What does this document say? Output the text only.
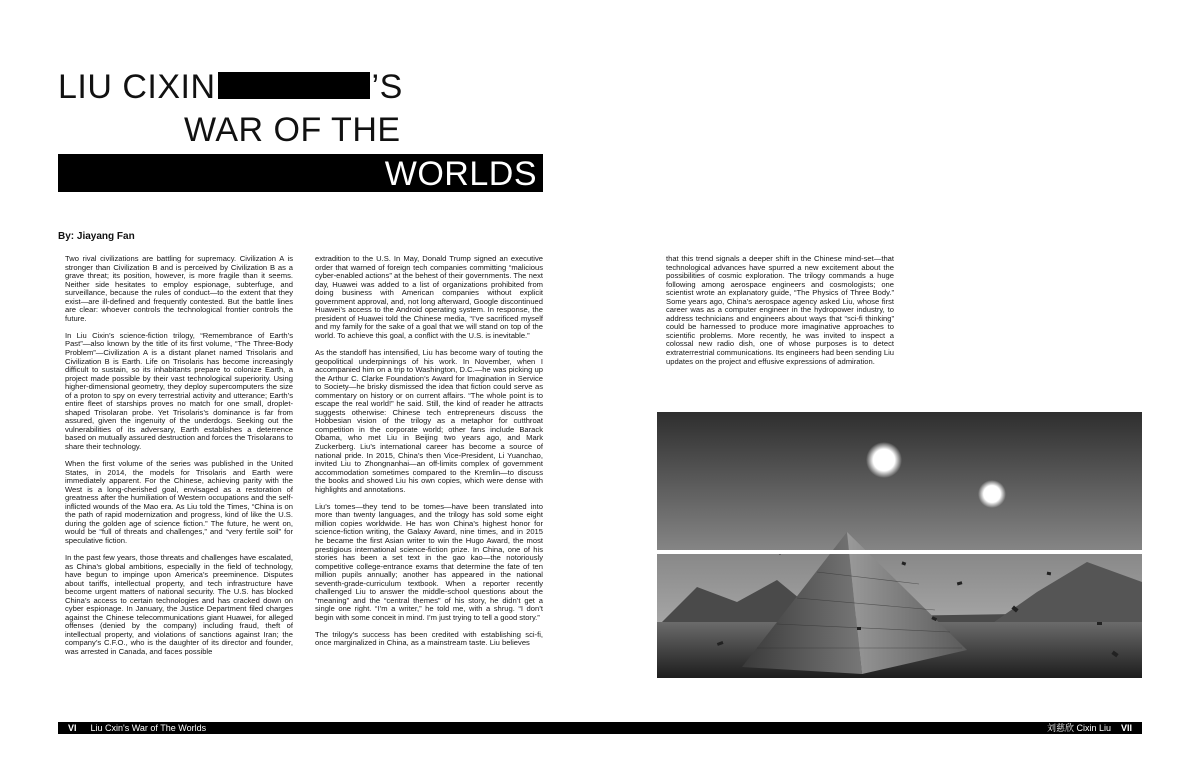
LIU CIXIN	’S
WAR OF THE
WORLDS
By: Jiayang Fan

Two rival civilizations are battling for supremacy. Civilization A is stronger than Civilization B and is perceived by Civilization B as a grave threat; its position, however, is more fragile than it seems. Neither side hesitates to employ espionage, subterfuge, and surveillance, because the rules of conduct—to the extent that they exist—are ill-defined and frequently contested. But the battle lines are clear: whoever controls the technological frontier controls the future.

In Liu Cixin’s science-fiction trilogy, “Remembrance of Earth’s Past”—also known by the title of its first volume, “The Three-Body Problem”—Civilization A is a distant planet named Trisolaris and Civilization B is Earth. Life on Trisolaris has become increasingly difficult to sustain, so its inhabitants prepare to colonize Earth, a project made possible by their vast technological superiority. Using higher-dimensional geometry, they deploy supercomputers the size of a proton to spy on every terrestrial activity and utterance; Earth’s entire fleet of starships proves no match for one small, droplet-shaped Trisolaran probe. Yet Trisolaris’s dominance is far from assured, given the ingenuity of the underdogs. Seeking out the vulnerabilities of its adversary, Earth establishes a deterrence based on mutually assured destruction and forces the Trisolarans to share their technology.

When the first volume of the series was published in the United States, in 2014, the models for Trisolaris and Earth were immediately apparent. For the Chinese, achieving parity with the West is a long-cherished goal, envisaged as a restoration of greatness after the humiliation of Western occupations and the self-inflicted wounds of the Mao era. As Liu told the Times, “China is on the path of rapid modernization and progress, kind of like the U.S. during the golden age of science fiction.” The future, he went on, would be “full of threats and challenges,” and “very fertile soil” for speculative fiction.

In the past few years, those threats and challenges have escalated, as China’s global ambitions, especially in the field of technology, have begun to impinge upon America’s preeminence. Disputes about tariffs, intellectual property, and tech infrastructure have become urgent matters of national security. The U.S. has blocked China’s access to certain technologies and has cracked down on cyber espionage. In January, the Justice Department filed charges against the Chinese telecommunications giant Huawei, for alleged offenses (denied by the company) including fraud, theft of intellectual property, and violations of sanctions against Iran; the company’s C.F.O., who is the daughter of its director and founder, was arrested in Canada, and faces possible

extradition to the U.S. In May, Donald Trump signed an executive order that warned of foreign tech companies committing “malicious cyber-enabled actions” at the behest of their governments. The next day, Huawei was added to a list of organizations prohibited from doing business with American companies without explicit government approval, and, not long afterward, Google discontinued Huawei’s access to the Android operating system. In response, the president of Huawei told the Chinese media, “I’ve sacrificed myself and my family for the sake of a goal that we will stand on top of the world. To achieve this goal, a conflict with the U.S. is inevitable.”

As the standoff has intensified, Liu has become wary of touting the geopolitical underpinnings of his work. In November, when I accompanied him on a trip to Washington, D.C.—he was picking up the Arthur C. Clarke Foundation’s Award for Imagination in Service to Society—he brisky dismissed the idea that fiction could serve as commentary on history or on current affairs. “The whole point is to escape the real world!” he said. Still, the kind of reader he attracts suggests otherwise: Chinese tech entrepreneurs discuss the Hobbesian vision of the trilogy as a metaphor for cutthroat competition in the corporate world; other fans include Barack Obama, who met Liu in Beijing two years ago, and Mark Zuckerberg. Liu’s international career has become a source of national pride. In 2015, China’s then Vice-President, Li Yuanchao, invited Liu to Zhongnanhai—an off-limits complex of government accommodation sometimes compared to the Kremlin—to discuss the books and showed Liu his own copies, which were dense with highlights and annotations.

Liu’s tomes—they tend to be tomes—have been translated into more than twenty languages, and the trilogy has sold some eight million copies worldwide. He has won China’s highest honor for science-fiction writing, the Galaxy Award, nine times, and in 2015 he became the first Asian writer to win the Hugo Award, the most prestigious international science-fiction prize. In China, one of his stories has been a set text in the gao kao—the notoriously competitive college-entrance exams that determine the fate of ten million pupils annually; another has appeared in the national seventh-grade-curriculum textbook. When a reporter recently challenged Liu to answer the middle-school questions about the “meaning” and the “central themes” of his story, he didn’t get a single one right. “I’m a writer,” he told me, with a shrug. “I don’t begin with some conceit in mind. I’m just trying to tell a good story.”

The trilogy’s success has been credited with establishing sci-fi, once marginalized in China, as a mainstream taste. Liu believes

that this trend signals a deeper shift in the Chinese mind-set—that technological advances have spurred a new excitement about the possibilities of cosmic exploration. The trilogy commands a huge following among aerospace engineers and cosmologists; one scientist wrote an explanatory guide, “The Physics of Three Body.” Some years ago, China’s aerospace agency asked Liu, whose first career was as a computer engineer in the hydropower industry, to address technicians and engineers about ways that “sci-fi thinking” could be harnessed to produce more imaginative approaches to scientific problems. More recently, he was invited to inspect a colossal new radio dish, one of whose purposes is to detect extraterrestrial communications. Its engineers had been sending Liu updates on the project and effusive expressions of admiration.

VI Liu Cxin's War of The Worlds	刘慈欣 Cixin Liu VII
